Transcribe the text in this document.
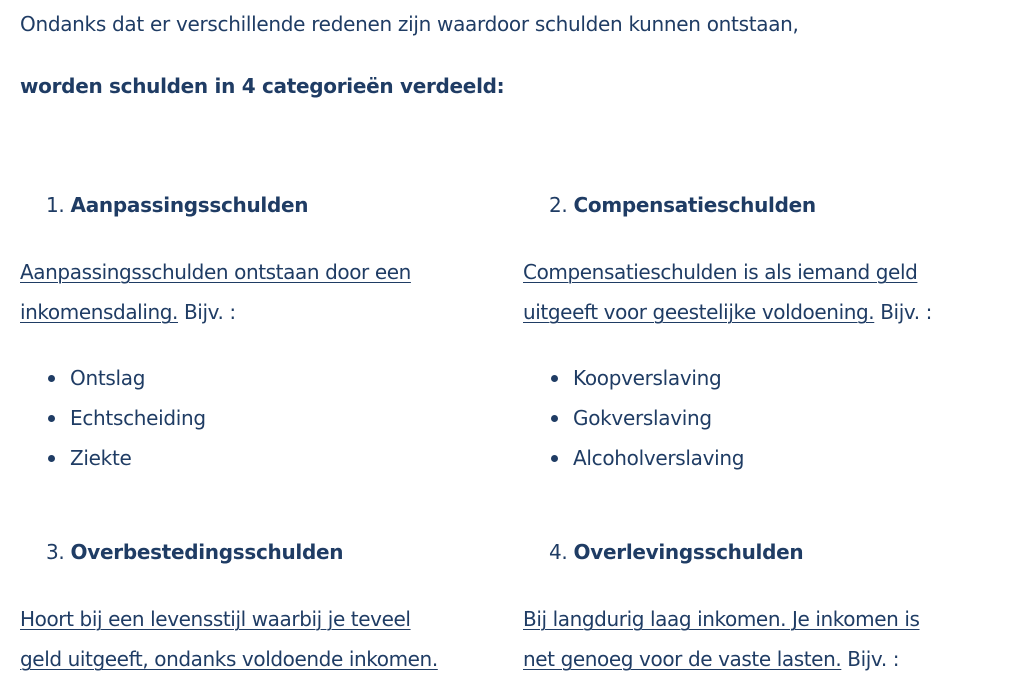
Ondanks dat er verschillende redenen zijn waardoor schulden kunnen ontstaan,

worden schulden in 4 categorieën verdeeld:

1. Aanpassingsschulden

Aanpassingsschulden ontstaan door een
inkomensdaling. Bijv. :
Ontslag
Echtscheiding
Ziekte

2. Compensatieschulden

Compensatieschulden is als iemand geld
uitgeeft voor geestelijke voldoening. Bijv. :
Koopverslaving
Gokverslaving
Alcoholverslaving

3. Overbestedingsschulden

Hoort bij een levensstijl waarbij je teveel
geld uitgeeft, ondanks voldoende inkomen.

4. Overlevingsschulden

Bij langdurig laag inkomen. Je inkomen is
net genoeg voor de vaste lasten. Bijv. :
